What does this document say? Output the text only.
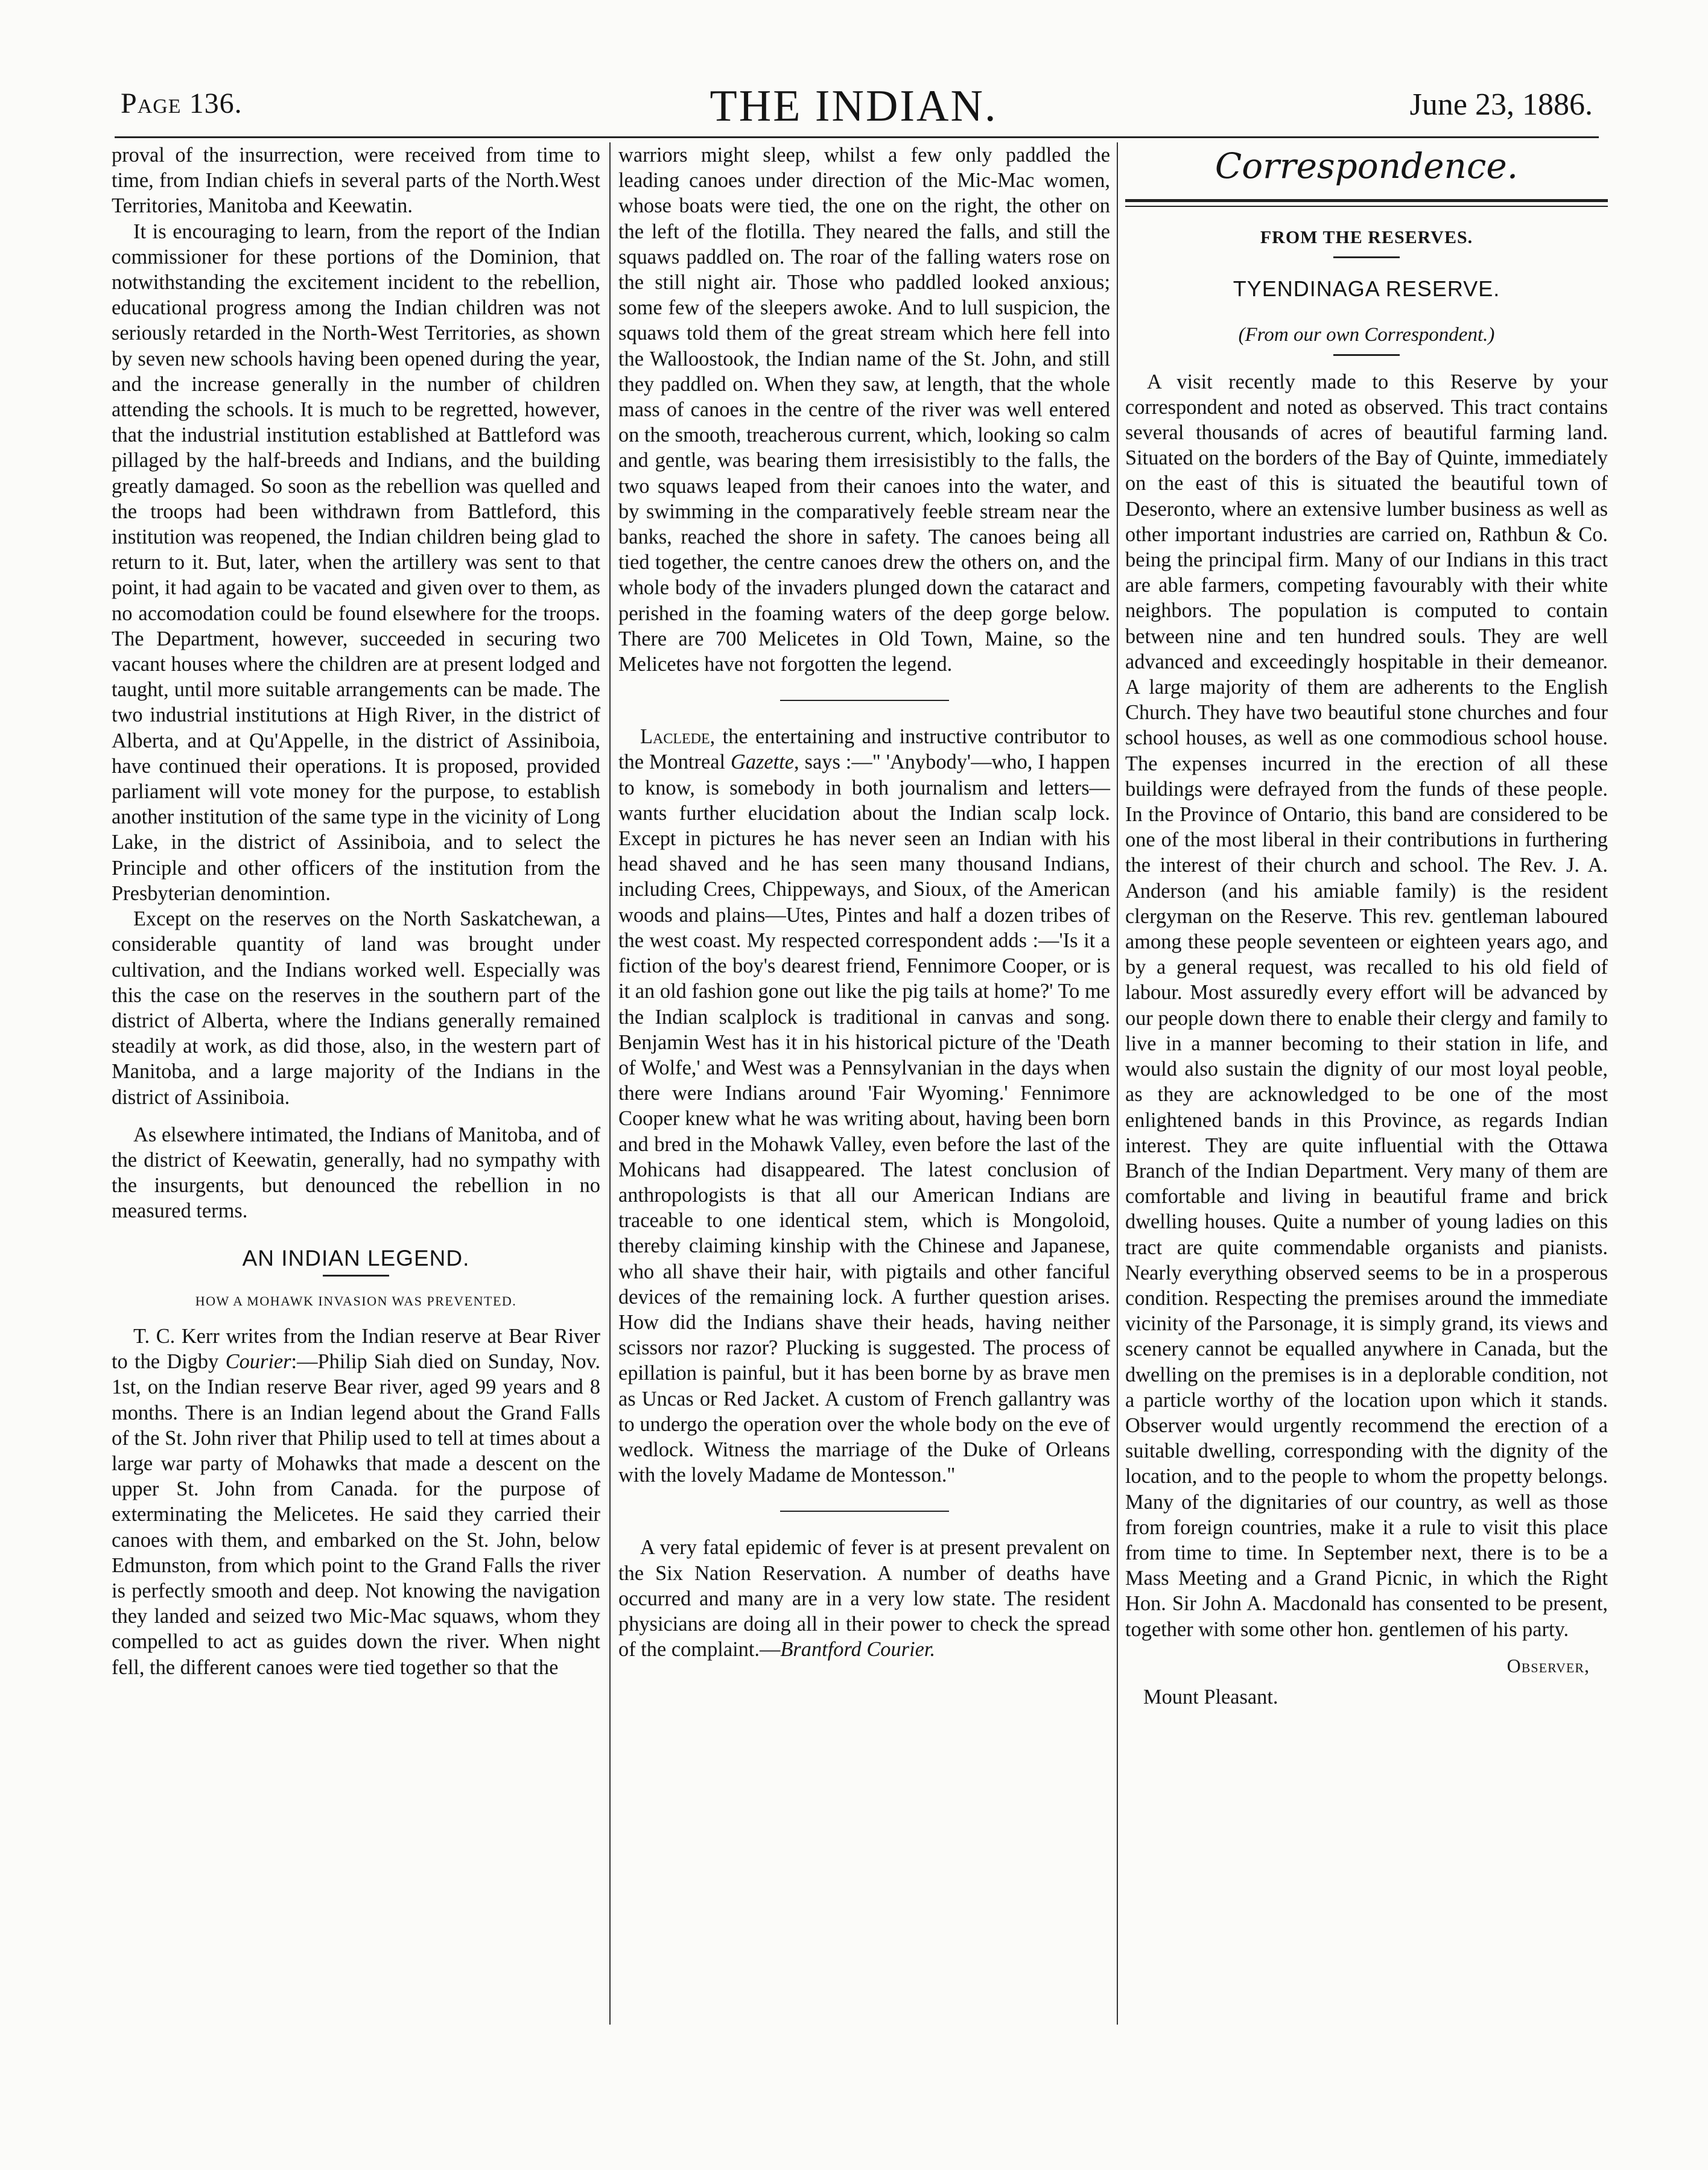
Page 136.	THE INDIAN.	June 23, 1886.

proval of the insurrection, were received from time to time, from Indian chiefs in several parts of the North.West Territories, Manitoba and Keewatin.

It is encouraging to learn, from the report of the Indian commissioner for these portions of the Dominion, that notwithstanding the excitement incident to the rebellion, educational progress among the Indian children was not seriously retarded in the North-West Territories, as shown by seven new schools having been opened during the year, and the increase generally in the number of children attending the schools. It is much to be regretted, however, that the industrial institution established at Battleford was pillaged by the half-breeds and Indians, and the building greatly damaged. So soon as the rebellion was quelled and the troops had been withdrawn from Battleford, this institution was reopened, the Indian children being glad to return to it. But, later, when the artillery was sent to that point, it had again to be vacated and given over to them, as no accomodation could be found elsewhere for the troops. The Department, however, succeeded in securing two vacant houses where the children are at present lodged and taught, until more suitable arrangements can be made. The two industrial institutions at High River, in the district of Alberta, and at Qu'Appelle, in the district of Assiniboia, have continued their operations. It is proposed, provided parliament will vote money for the purpose, to establish another institution of the same type in the vicinity of Long Lake, in the district of Assiniboia, and to select the Principle and other officers of the institution from the Presbyterian denomintion.

Except on the reserves on the North Saskatchewan, a considerable quantity of land was brought under cultivation, and the Indians worked well. Especially was this the case on the reserves in the southern part of the district of Alberta, where the Indians generally remained steadily at work, as did those, also, in the western part of Manitoba, and a large majority of the Indians in the district of Assiniboia.

As elsewhere intimated, the Indians of Manitoba, and of the district of Keewatin, generally, had no sympathy with the insurgents, but denounced the rebellion in no measured terms.

AN INDIAN LEGEND.
HOW A MOHAWK INVASION WAS PREVENTED.

T. C. Kerr writes from the Indian reserve at Bear River to the Digby Courier:—Philip Siah died on Sunday, Nov. 1st, on the Indian reserve Bear river, aged 99 years and 8 months. There is an Indian legend about the Grand Falls of the St. John river that Philip used to tell at times about a large war party of Mohawks that made a descent on the upper St. John from Canada. for the purpose of exterminating the Melicetes. He said they carried their canoes with them, and embarked on the St. John, below Edmunston, from which point to the Grand Falls the river is perfectly smooth and deep. Not knowing the navigation they landed and seized two Mic-Mac squaws, whom they compelled to act as guides down the river. When night fell, the different canoes were tied together so that the

warriors might sleep, whilst a few only paddled the leading canoes under direction of the Mic-Mac women, whose boats were tied, the one on the right, the other on the left of the flotilla. They neared the falls, and still the squaws paddled on. The roar of the falling waters rose on the still night air. Those who paddled looked anxious; some few of the sleepers awoke. And to lull suspicion, the squaws told them of the great stream which here fell into the Walloostook, the Indian name of the St. John, and still they paddled on. When they saw, at length, that the whole mass of canoes in the centre of the river was well entered on the smooth, treacherous current, which, looking so calm and gentle, was bearing them irresisistibly to the falls, the two squaws leaped from their canoes into the water, and by swimming in the comparatively feeble stream near the banks, reached the shore in safety. The canoes being all tied together, the centre canoes drew the others on, and the whole body of the invaders plunged down the cataract and perished in the foaming waters of the deep gorge below. There are 700 Melicetes in Old Town, Maine, so the Melicetes have not forgotten the legend.

Laclede, the entertaining and instructive contributor to the Montreal Gazette, says :—" 'Anybody'—who, I happen to know, is somebody in both journalism and letters—wants further elucidation about the Indian scalp lock. Except in pictures he has never seen an Indian with his head shaved and he has seen many thousand Indians, including Crees, Chippeways, and Sioux, of the American woods and plains—Utes, Pintes and half a dozen tribes of the west coast. My respected correspondent adds :—'Is it a fiction of the boy's dearest friend, Fennimore Cooper, or is it an old fashion gone out like the pig tails at home?' To me the Indian scalplock is traditional in canvas and song. Benjamin West has it in his historical picture of the 'Death of Wolfe,' and West was a Pennsylvanian in the days when there were Indians around 'Fair Wyoming.' Fennimore Cooper knew what he was writing about, having been born and bred in the Mohawk Valley, even before the last of the Mohicans had disappeared. The latest conclusion of anthropologists is that all our American Indians are traceable to one identical stem, which is Mongoloid, thereby claiming kinship with the Chinese and Japanese, who all shave their hair, with pigtails and other fanciful devices of the remaining lock. A further question arises. How did the Indians shave their heads, having neither scissors nor razor? Plucking is suggested. The process of epillation is painful, but it has been borne by as brave men as Uncas or Red Jacket. A custom of French gallantry was to undergo the operation over the whole body on the eve of wedlock. Witness the marriage of the Duke of Orleans with the lovely Madame de Montesson."

A very fatal epidemic of fever is at present prevalent on the Six Nation Reservation. A number of deaths have occurred and many are in a very low state. The resident physicians are doing all in their power to check the spread of the complaint.—Brantford Courier.

Correspondence.
FROM THE RESERVES.
TYENDINAGA RESERVE.
(From our own Correspondent.)

A visit recently made to this Reserve by your correspondent and noted as observed. This tract contains several thousands of acres of beautiful farming land. Situated on the borders of the Bay of Quinte, immediately on the east of this is situated the beautiful town of Deseronto, where an extensive lumber business as well as other important industries are carried on, Rathbun & Co. being the principal firm. Many of our Indians in this tract are able farmers, competing favourably with their white neighbors. The population is computed to contain between nine and ten hundred souls. They are well advanced and exceedingly hospitable in their demeanor. A large majority of them are adherents to the English Church. They have two beautiful stone churches and four school houses, as well as one commodious school house. The expenses incurred in the erection of all these buildings were defrayed from the funds of these people. In the Province of Ontario, this band are considered to be one of the most liberal in their contributions in furthering the interest of their church and school. The Rev. J. A. Anderson (and his amiable family) is the resident clergyman on the Reserve. This rev. gentleman laboured among these people seventeen or eighteen years ago, and by a general request, was recalled to his old field of labour. Most assuredly every effort will be advanced by our people down there to enable their clergy and family to live in a manner becoming to their station in life, and would also sustain the dignity of our most loyal peoble, as they are acknowledged to be one of the most enlightened bands in this Province, as regards Indian interest. They are quite influential with the Ottawa Branch of the Indian Department. Very many of them are comfortable and living in beautiful frame and brick dwelling houses. Quite a number of young ladies on this tract are quite commendable organists and pianists. Nearly everything observed seems to be in a prosperous condition. Respecting the premises around the immediate vicinity of the Parsonage, it is simply grand, its views and scenery cannot be equalled anywhere in Canada, but the dwelling on the premises is in a deplorable condition, not a particle worthy of the location upon which it stands. Observer would urgently recommend the erection of a suitable dwelling, corresponding with the dignity of the location, and to the people to whom the propetty belongs. Many of the dignitaries of our country, as well as those from foreign countries, make it a rule to visit this place from time to time. In September next, there is to be a Mass Meeting and a Grand Picnic, in which the Right Hon. Sir John A. Macdonald has consented to be present, together with some other hon. gentlemen of his party.

Observer,
Mount Pleasant.
